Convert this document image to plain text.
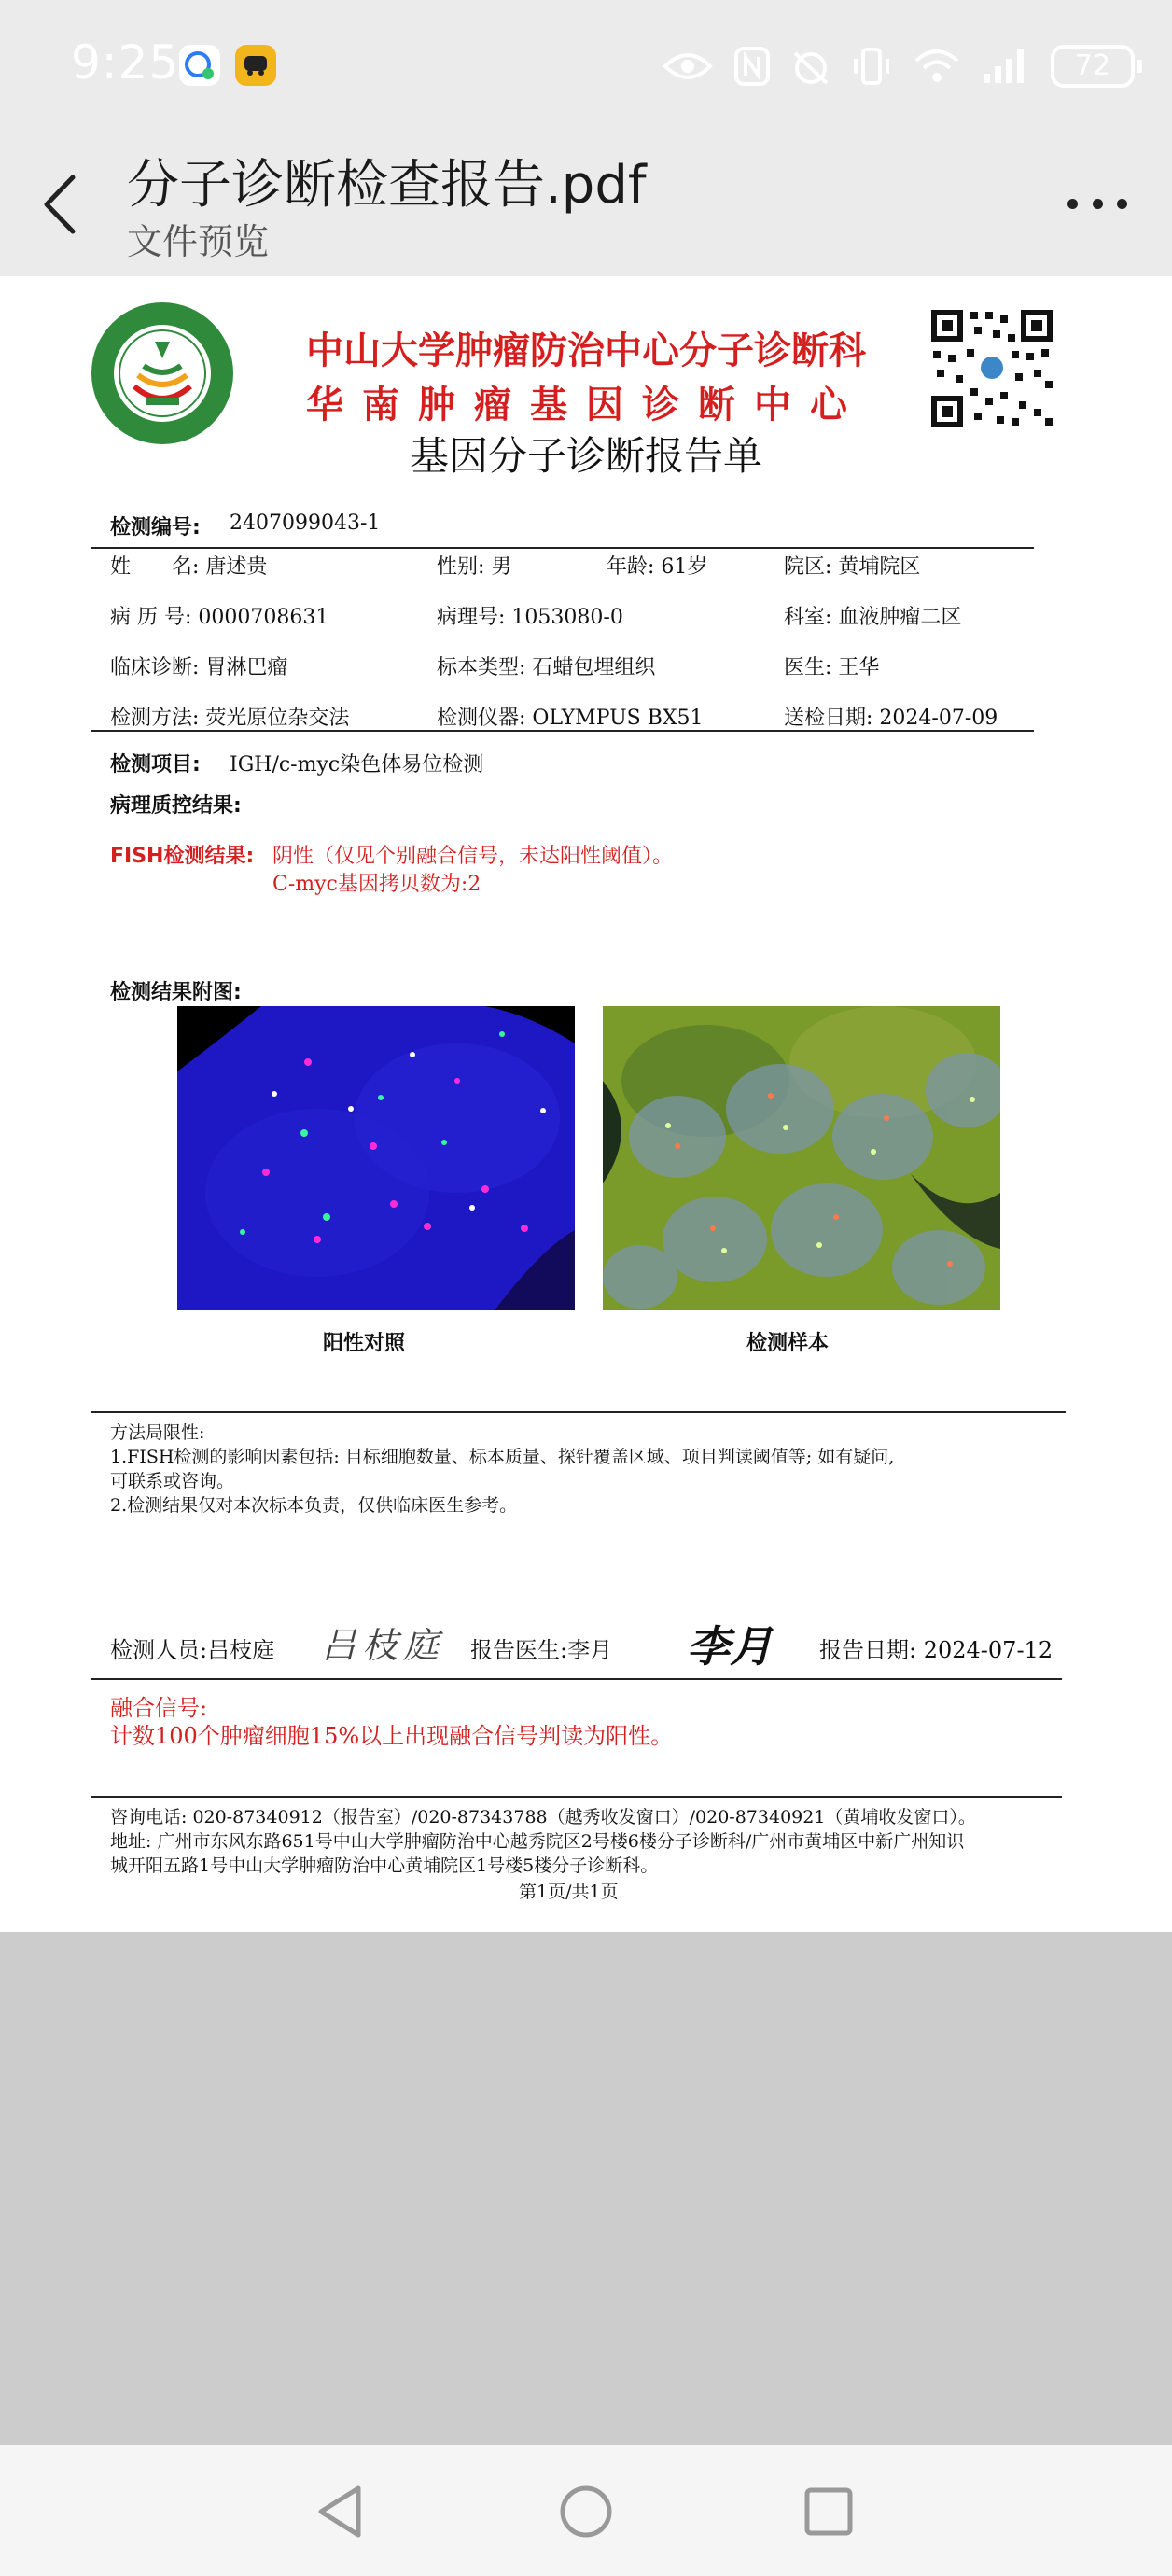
9:25	72
分子诊断检查报告.pdf
文件预览
中山大学肿瘤防治中心分子诊断科
华南肿瘤基因诊断中心
基因分子诊断报告单
检测编号: 2407099043-1
姓　　名: 唐述贵	性别: 男	年龄: 61岁	院区: 黄埔院区
病 历 号: 0000708631	病理号: 1053080-0	科室: 血液肿瘤二区
临床诊断: 胃淋巴瘤	标本类型: 石蜡包埋组织	医生: 王华
检测方法: 荧光原位杂交法	检测仪器: OLYMPUS BX51	送检日期: 2024-07-09
检测项目: IGH/c-myc染色体易位检测
病理质控结果:
FISH检测结果: 阴性（仅见个别融合信号，未达阳性阈值）。
C-myc基因拷贝数为:2
检测结果附图:
阳性对照	检测样本
方法局限性:
1.FISH检测的影响因素包括: 目标细胞数量、标本质量、探针覆盖区域、项目判读阈值等; 如有疑问,
可联系或咨询。
2.检测结果仅对本次标本负责，仅供临床医生参考。
检测人员:吕枝庭 吕枝庭 报告医生:李月 李月 报告日期: 2024-07-12
融合信号:
计数100个肿瘤细胞15%以上出现融合信号判读为阳性。
咨询电话: 020-87340912（报告室）/020-87343788（越秀收发窗口）/020-87340921（黄埔收发窗口）。
地址: 广州市东风东路651号中山大学肿瘤防治中心越秀院区2号楼6楼分子诊断科/广州市黄埔区中新广州知识
城开阳五路1号中山大学肿瘤防治中心黄埔院区1号楼5楼分子诊断科。
第1页/共1页
